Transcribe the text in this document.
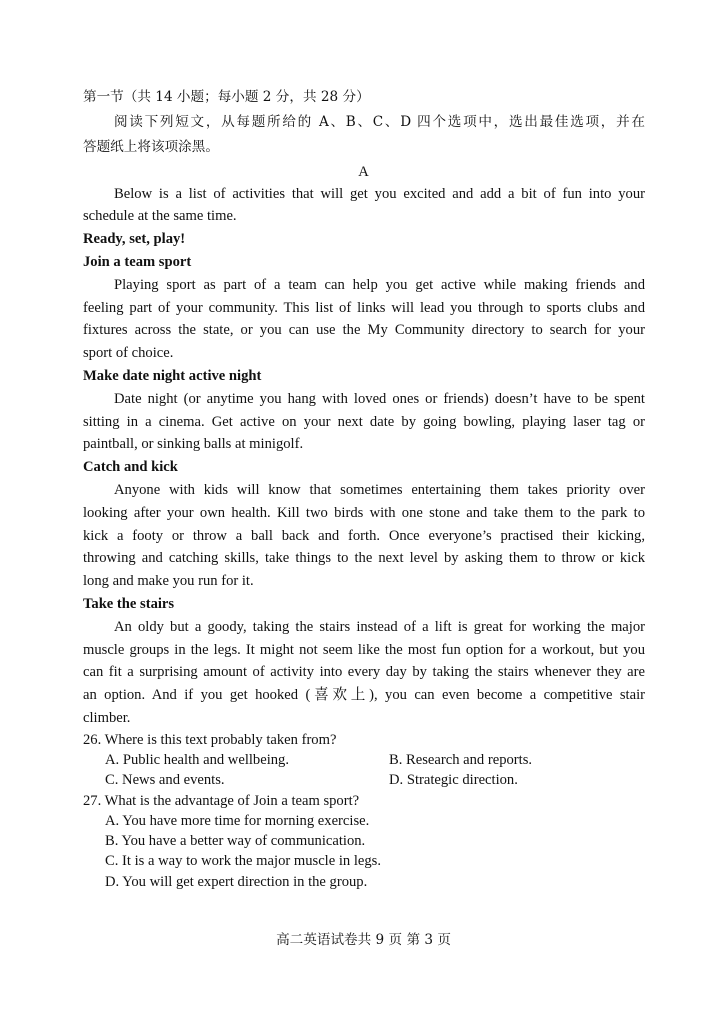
第一节（共 14 小题；每小题 2 分，共 28 分）
阅读下列短文，从每题所给的 A、B、C、D 四个选项中，选出最佳选项，并在
答题纸上将该项涂黑。
A
Below is a list of activities that will get you excited and add a bit of fun into your
schedule at the same time.
Ready, set, play!
Join a team sport
Playing sport as part of a team can help you get active while making friends and
feeling part of your community. This list of links will lead you through to sports clubs and
fixtures across the state, or you can use the My Community directory to search for your
sport of choice.
Make date night active night
Date night (or anytime you hang with loved ones or friends) doesn’t have to be spent
sitting in a cinema. Get active on your next date by going bowling, playing laser tag or
paintball, or sinking balls at minigolf.
Catch and kick
Anyone with kids will know that sometimes entertaining them takes priority over
looking after your own health. Kill two birds with one stone and take them to the park to
kick a footy or throw a ball back and forth. Once everyone’s practised their kicking,
throwing and catching skills, take things to the next level by asking them to throw or kick
long and make you run for it.
Take the stairs
An oldy but a goody, taking the stairs instead of a lift is great for working the major
muscle groups in the legs. It might not seem like the most fun option for a workout, but you
can fit a surprising amount of activity into every day by taking the stairs whenever they are
an option. And if you get hooked (喜欢上), you can even become a competitive stair
climber.
26. Where is this text probably taken from?
A. Public health and wellbeing.	B. Research and reports.
C. News and events.	D. Strategic direction.
27. What is the advantage of Join a team sport?
A. You have more time for morning exercise.
B. You have a better way of communication.
C. It is a way to work the major muscle in legs.
D. You will get expert direction in the group.
高二英语试卷共 9 页 第 3 页
